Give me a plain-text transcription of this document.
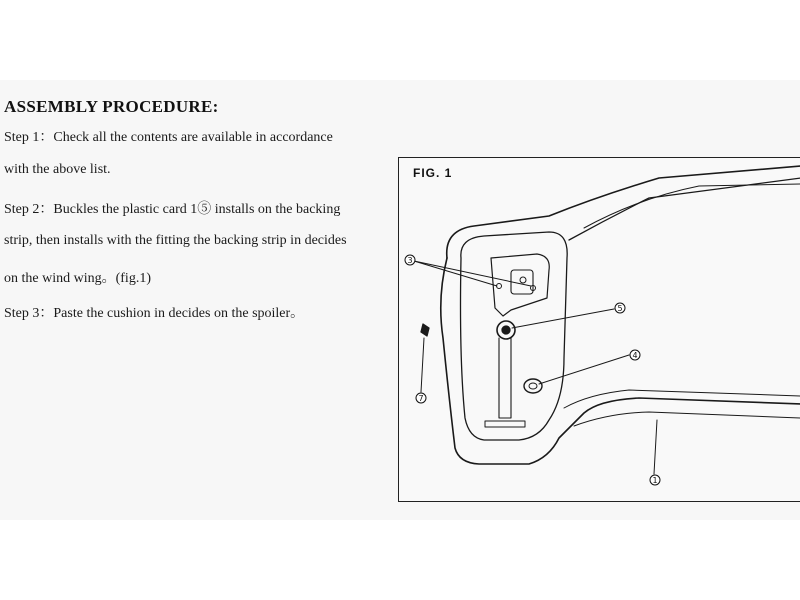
ASSEMBLY PROCEDURE:

Step 1：Check all the contents are available in accordance

with the above list.

Step 2：Buckles the plastic card 1⑤ installs on the backing

strip, then installs with the fitting the backing strip in decides

on the wind wing。(fig.1)

Step 3：Paste the cushion in decides on the spoiler。

FIG. 1

3
5
4
7
1
